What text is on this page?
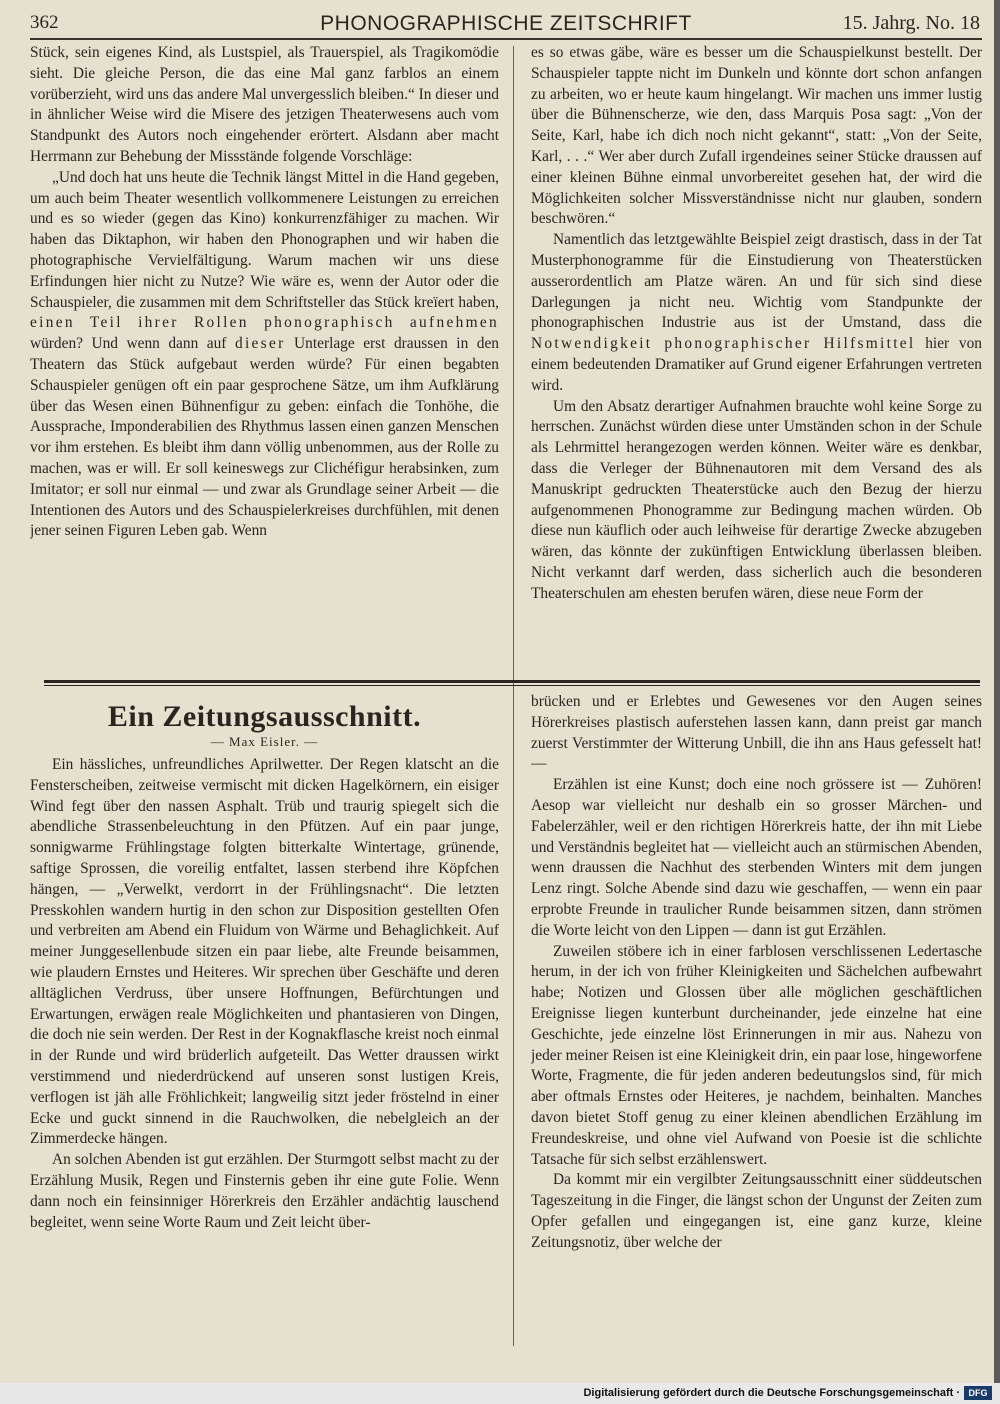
362	PHONOGRAPHISCHE ZEITSCHRIFT	15. Jahrg. No. 18

Stück, sein eigenes Kind, als Lustspiel, als Trauerspiel, als Tragikomödie sieht. Die gleiche Person, die das eine Mal ganz farblos an einem vorüberzieht, wird uns das andere Mal unvergesslich bleiben.“ In dieser und in ähnlicher Weise wird die Misere des jetzigen Theaterwesens auch vom Standpunkt des Autors noch eingehender erörtert. Alsdann aber macht Herrmann zur Behebung der Missstände folgende Vorschläge:

„Und doch hat uns heute die Technik längst Mittel in die Hand gegeben, um auch beim Theater wesentlich vollkommenere Leistungen zu erreichen und es so wieder (gegen das Kino) konkurrenzfähiger zu machen. Wir haben das Diktaphon, wir haben den Phonographen und wir haben die photographische Vervielfältigung. Warum machen wir uns diese Erfindungen hier nicht zu Nutze? Wie wäre es, wenn der Autor oder die Schauspieler, die zusammen mit dem Schriftsteller das Stück kreïert haben, einen Teil ihrer Rollen phonographisch aufnehmen würden? Und wenn dann auf dieser Unterlage erst draussen in den Theatern das Stück aufgebaut werden würde? Für einen begabten Schauspieler genügen oft ein paar gesprochene Sätze, um ihm Aufklärung über das Wesen einen Bühnenfigur zu geben: einfach die Tonhöhe, die Aussprache, Imponderabilien des Rhythmus lassen einen ganzen Menschen vor ihm erstehen. Es bleibt ihm dann völlig unbenommen, aus der Rolle zu machen, was er will. Er soll keineswegs zur Clichéfigur herabsinken, zum Imitator; er soll nur einmal — und zwar als Grundlage seiner Arbeit — die Intentionen des Autors und des Schauspielerkreises durchfühlen, mit denen jener seinen Figuren Leben gab. Wenn

es so etwas gäbe, wäre es besser um die Schauspielkunst bestellt. Der Schauspieler tappte nicht im Dunkeln und könnte dort schon anfangen zu arbeiten, wo er heute kaum hingelangt. Wir machen uns immer lustig über die Bühnenscherze, wie den, dass Marquis Posa sagt: „Von der Seite, Karl, habe ich dich noch nicht gekannt“, statt: „Von der Seite, Karl, . . .“ Wer aber durch Zufall irgendeines seiner Stücke draussen auf einer kleinen Bühne einmal unvorbereitet gesehen hat, der wird die Möglichkeiten solcher Missverständnisse nicht nur glauben, sondern beschwören.“

Namentlich das letztgewählte Beispiel zeigt drastisch, dass in der Tat Musterphonogramme für die Einstudierung von Theaterstücken ausserordentlich am Platze wären. An und für sich sind diese Darlegungen ja nicht neu. Wichtig vom Standpunkte der phonographischen Industrie aus ist der Umstand, dass die Notwendigkeit phonographischer Hilfsmittel hier von einem bedeutenden Dramatiker auf Grund eigener Erfahrungen vertreten wird.

Um den Absatz derartiger Aufnahmen brauchte wohl keine Sorge zu herrschen. Zunächst würden diese unter Umständen schon in der Schule als Lehrmittel herangezogen werden können. Weiter wäre es denkbar, dass die Verleger der Bühnenautoren mit dem Versand des als Manuskript gedruckten Theaterstücke auch den Bezug der hierzu aufgenommenen Phonogramme zur Bedingung machen würden. Ob diese nun käuflich oder auch leihweise für derartige Zwecke abzugeben wären, das könnte der zukünftigen Entwicklung überlassen bleiben. Nicht verkannt darf werden, dass sicherlich auch die besonderen Theaterschulen am ehesten berufen wären, diese neue Form der

Ein Zeitungsausschnitt.
— Max Eisler. —

Ein hässliches, unfreundliches Aprilwetter. Der Regen klatscht an die Fensterscheiben, zeitweise vermischt mit dicken Hagelkörnern, ein eisiger Wind fegt über den nassen Asphalt. Trüb und traurig spiegelt sich die abendliche Strassenbeleuchtung in den Pfützen. Auf ein paar junge, sonnigwarme Frühlingstage folgten bitterkalte Wintertage, grünende, saftige Sprossen, die voreilig entfaltet, lassen sterbend ihre Köpfchen hängen, — „Verwelkt, verdorrt in der Frühlingsnacht“. Die letzten Presskohlen wandern hurtig in den schon zur Disposition gestellten Ofen und verbreiten am Abend ein Fluidum von Wärme und Behaglichkeit. Auf meiner Junggesellenbude sitzen ein paar liebe, alte Freunde beisammen, wie plaudern Ernstes und Heiteres. Wir sprechen über Geschäfte und deren alltäglichen Verdruss, über unsere Hoffnungen, Befürchtungen und Erwartungen, erwägen reale Möglichkeiten und phantasieren von Dingen, die doch nie sein werden. Der Rest in der Kognakflasche kreist noch einmal in der Runde und wird brüderlich aufgeteilt. Das Wetter draussen wirkt verstimmend und niederdrückend auf unseren sonst lustigen Kreis, verflogen ist jäh alle Fröhlichkeit; langweilig sitzt jeder fröstelnd in einer Ecke und guckt sinnend in die Rauchwolken, die nebelgleich an der Zimmerdecke hängen.

An solchen Abenden ist gut erzählen. Der Sturmgott selbst macht zu der Erzählung Musik, Regen und Finsternis geben ihr eine gute Folie. Wenn dann noch ein feinsinniger Hörerkreis den Erzähler andächtig lauschend begleitet, wenn seine Worte Raum und Zeit leicht über-

brücken und er Erlebtes und Gewesenes vor den Augen seines Hörerkreises plastisch auferstehen lassen kann, dann preist gar manch zuerst Verstimmter der Witterung Unbill, die ihn ans Haus gefesselt hat! —

Erzählen ist eine Kunst; doch eine noch grössere ist — Zuhören! Aesop war vielleicht nur deshalb ein so grosser Märchen- und Fabelerzähler, weil er den richtigen Hörerkreis hatte, der ihn mit Liebe und Verständnis begleitet hat — vielleicht auch an stürmischen Abenden, wenn draussen die Nachhut des sterbenden Winters mit dem jungen Lenz ringt. Solche Abende sind dazu wie geschaffen, — wenn ein paar erprobte Freunde in traulicher Runde beisammen sitzen, dann strömen die Worte leicht von den Lippen — dann ist gut Erzählen.

Zuweilen stöbere ich in einer farblosen verschlissenen Ledertasche herum, in der ich von früher Kleinigkeiten und Sächelchen aufbewahrt habe; Notizen und Glossen über alle möglichen geschäftlichen Ereignisse liegen kunterbunt durcheinander, jede einzelne hat eine Geschichte, jede einzelne löst Erinnerungen in mir aus. Nahezu von jeder meiner Reisen ist eine Kleinigkeit drin, ein paar lose, hingeworfene Worte, Fragmente, die für jeden anderen bedeutungslos sind, für mich aber oftmals Ernstes oder Heiteres, je nachdem, beinhalten. Manches davon bietet Stoff genug zu einer kleinen abendlichen Erzählung im Freundeskreise, und ohne viel Aufwand von Poesie ist die schlichte Tatsache für sich selbst erzählenswert.

Da kommt mir ein vergilbter Zeitungsausschnitt einer süddeutschen Tageszeitung in die Finger, die längst schon der Ungunst der Zeiten zum Opfer gefallen und eingegangen ist, eine ganz kurze, kleine Zeitungsnotiz, über welche der

Digitalisierung gefördert durch die Deutsche Forschungsgemeinschaft · DFG
